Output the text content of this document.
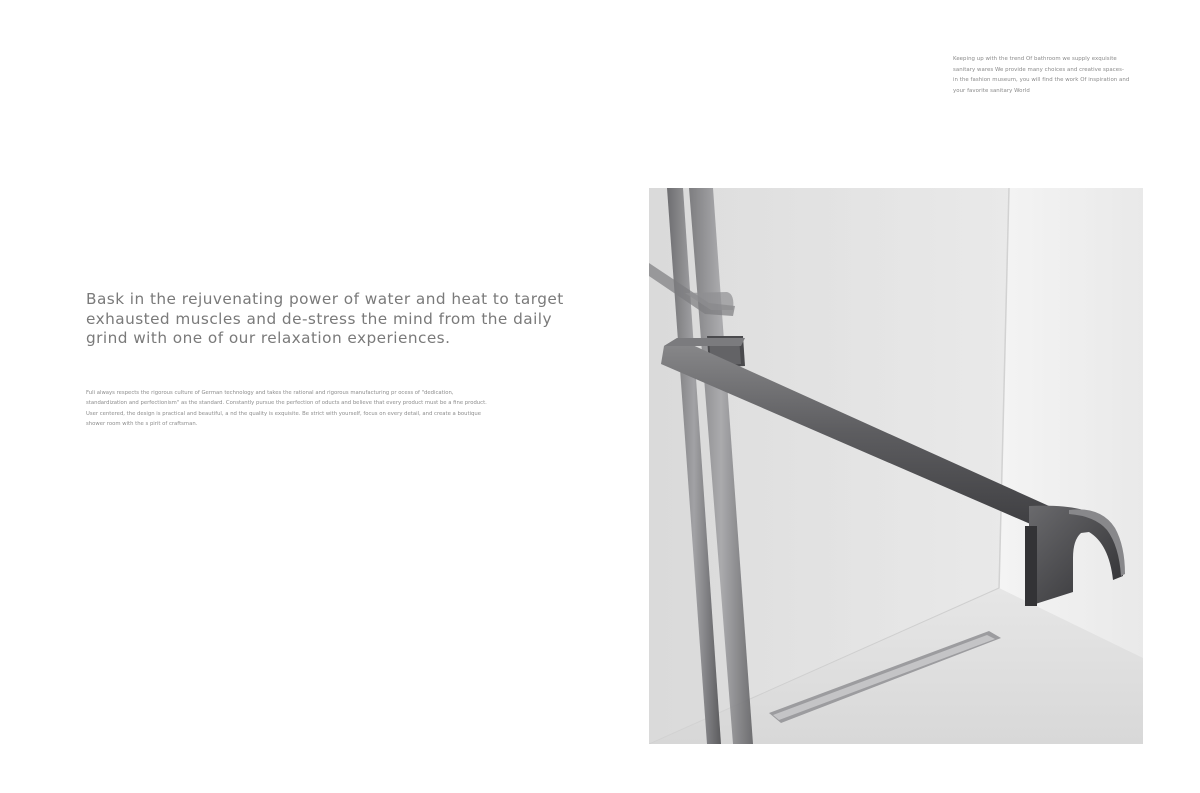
Keeping up with the trend Of bathroom we supply exquisite

sanitary wares We provide many choices and creative spaces-

in the fashion museum, you will find the work Of inspiration and

your favorite sanitary World

Bask in the rejuvenating power of water and heat to target
exhausted muscles and de-stress the mind from the daily
grind with one of our relaxation experiences.

Fuli always respects the rigorous culture of German technology and takes the rational and rigorous manufacturing pr ocess of "dedication,
standardization and perfectionism" as the standard. Constantly pursue the perfection of oducts and believe that every product must be a fine product.
User centered, the design is practical and beautiful, a nd the quality is exquisite. Be strict with yourself, focus on every detail, and create a boutique
shower room with the s pirit of craftsman.
